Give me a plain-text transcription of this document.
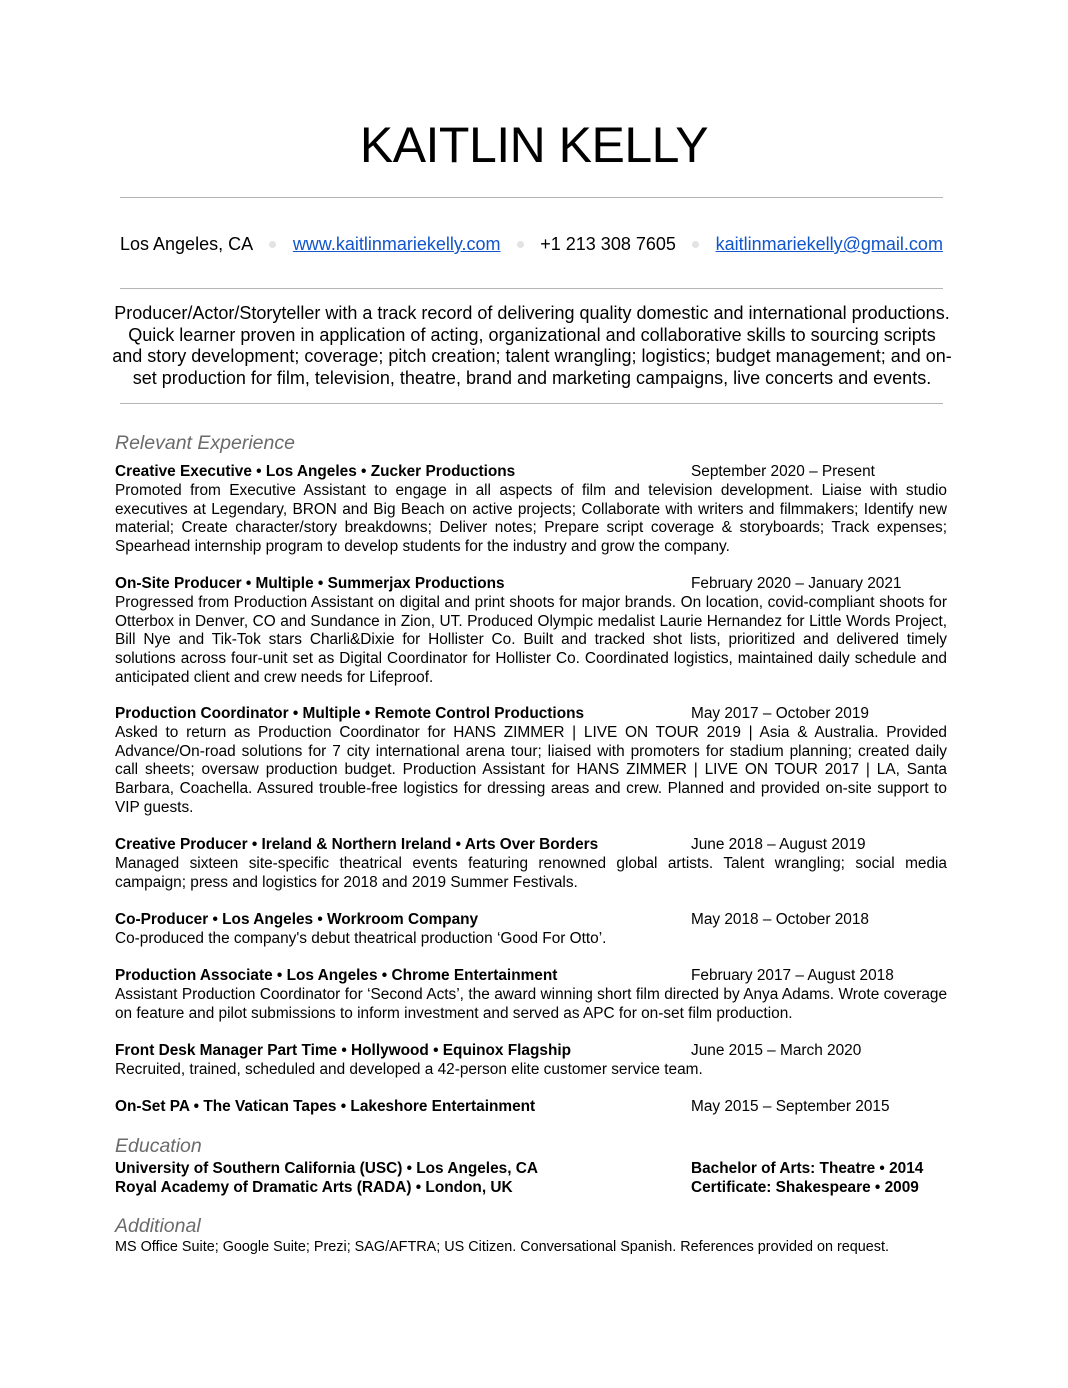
KAITLIN KELLY
Los Angeles, CA www.kaitlinmariekelly.com +1 213 308 7605 kaitlinmariekelly@gmail.com

Producer/Actor/Storyteller with a track record of delivering quality domestic and international productions. Quick learner proven in application of acting, organizational and collaborative skills to sourcing scripts and story development; coverage; pitch creation; talent wrangling; logistics; budget management; and on-set production for film, television, theatre, brand and marketing campaigns, live concerts and events.

Relevant Experience
Creative Executive • Los Angeles • Zucker Productions	September 2020 – Present

Promoted from Executive Assistant to engage in all aspects of film and television development. Liaise with studio executives at Legendary, BRON and Big Beach on active projects; Collaborate with writers and filmmakers; Identify new material; Create character/story breakdowns; Deliver notes; Prepare script coverage & storyboards; Track expenses; Spearhead internship program to develop students for the industry and grow the company.

On-Site Producer • Multiple • Summerjax Productions	February 2020 – January 2021

Progressed from Production Assistant on digital and print shoots for major brands. On location, covid-compliant shoots for Otterbox in Denver, CO and Sundance in Zion, UT. Produced Olympic medalist Laurie Hernandez for Little Words Project, Bill Nye and Tik-Tok stars Charli&Dixie for Hollister Co. Built and tracked shot lists, prioritized and delivered timely solutions across four-unit set as Digital Coordinator for Hollister Co. Coordinated logistics, maintained daily schedule and anticipated client and crew needs for Lifeproof.

Production Coordinator • Multiple • Remote Control Productions	May 2017 – October 2019

Asked to return as Production Coordinator for HANS ZIMMER | LIVE ON TOUR 2019 | Asia & Australia. Provided Advance/On-road solutions for 7 city international arena tour; liaised with promoters for stadium planning; created daily call sheets; oversaw production budget. Production Assistant for HANS ZIMMER | LIVE ON TOUR 2017 | LA, Santa Barbara, Coachella. Assured trouble-free logistics for dressing areas and crew. Planned and provided on-site support to VIP guests.

Creative Producer • Ireland & Northern Ireland • Arts Over Borders	June 2018 – August 2019

Managed sixteen site-specific theatrical events featuring renowned global artists. Talent wrangling; social media campaign; press and logistics for 2018 and 2019 Summer Festivals.

Co-Producer • Los Angeles • Workroom Company	May 2018 – October 2018

Co-produced the company's debut theatrical production ‘Good For Otto’.

Production Associate • Los Angeles • Chrome Entertainment	February 2017 – August 2018

Assistant Production Coordinator for ‘Second Acts’, the award winning short film directed by Anya Adams. Wrote coverage on feature and pilot submissions to inform investment and served as APC for on-set film production.

Front Desk Manager Part Time • Hollywood • Equinox Flagship	June 2015 – March 2020

Recruited, trained, scheduled and developed a 42-person elite customer service team.

On-Set PA • The Vatican Tapes • Lakeshore Entertainment	May 2015 – September 2015
Education
University of Southern California (USC) • Los Angeles, CA	Bachelor of Arts: Theatre • 2014
Royal Academy of Dramatic Arts (RADA) • London, UK	Certificate: Shakespeare • 2009
Additional

MS Office Suite; Google Suite; Prezi; SAG/AFTRA; US Citizen. Conversational Spanish. References provided on request.
